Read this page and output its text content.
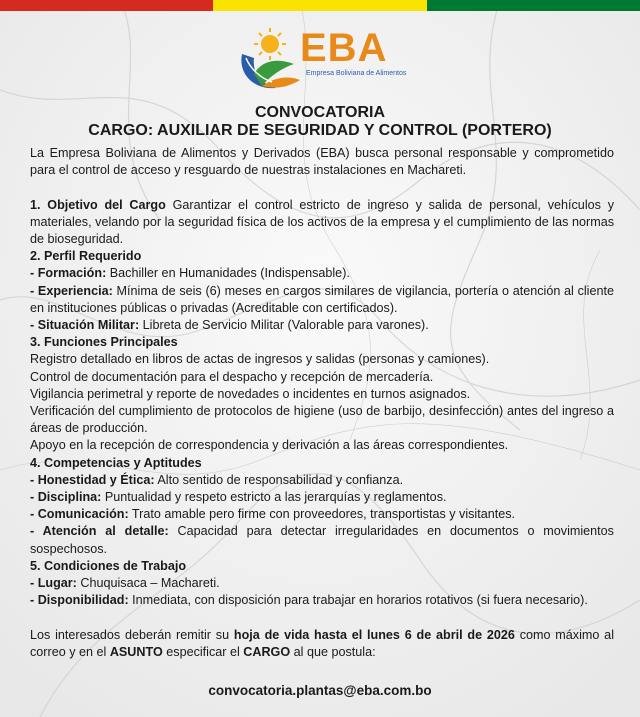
EBA
Empresa Boliviana de Alimentos
CONVOCATORIA
CARGO: AUXILIAR DE SEGURIDAD Y CONTROL (PORTERO)

La Empresa Boliviana de Alimentos y Derivados (EBA) busca personal responsable y comprometido para el control de acceso y resguardo de nuestras instalaciones en Machareti.

1. Objetivo del Cargo Garantizar el control estricto de ingreso y salida de personal, vehículos y materiales, velando por la seguridad física de los activos de la empresa y el cumplimiento de las normas de bioseguridad.

2. Perfil Requerido

- Formación: Bachiller en Humanidades (Indispensable).

- Experiencia: Mínima de seis (6) meses en cargos similares de vigilancia, portería o atención al cliente en instituciones públicas o privadas (Acreditable con certificados).

- Situación Militar: Libreta de Servicio Militar (Valorable para varones).

3. Funciones Principales

Registro detallado en libros de actas de ingresos y salidas (personas y camiones).

Control de documentación para el despacho y recepción de mercadería.

Vigilancia perimetral y reporte de novedades o incidentes en turnos asignados.

Verificación del cumplimiento de protocolos de higiene (uso de barbijo, desinfección) antes del ingreso a áreas de producción.

Apoyo en la recepción de correspondencia y derivación a las áreas correspondientes.

4. Competencias y Aptitudes

- Honestidad y Ética: Alto sentido de responsabilidad y confianza.

- Disciplina: Puntualidad y respeto estricto a las jerarquías y reglamentos.

- Comunicación: Trato amable pero firme con proveedores, transportistas y visitantes.

- Atención al detalle: Capacidad para detectar irregularidades en documentos o movimientos sospechosos.

5. Condiciones de Trabajo

- Lugar: Chuquisaca – Machareti.

- Disponibilidad: Inmediata, con disposición para trabajar en horarios rotativos (si fuera necesario).

Los interesados deberán remitir su hoja de vida hasta el lunes 6 de abril de 2026 como máximo al correo y en el ASUNTO especificar el CARGO al que postula:

convocatoria.plantas@eba.com.bo
